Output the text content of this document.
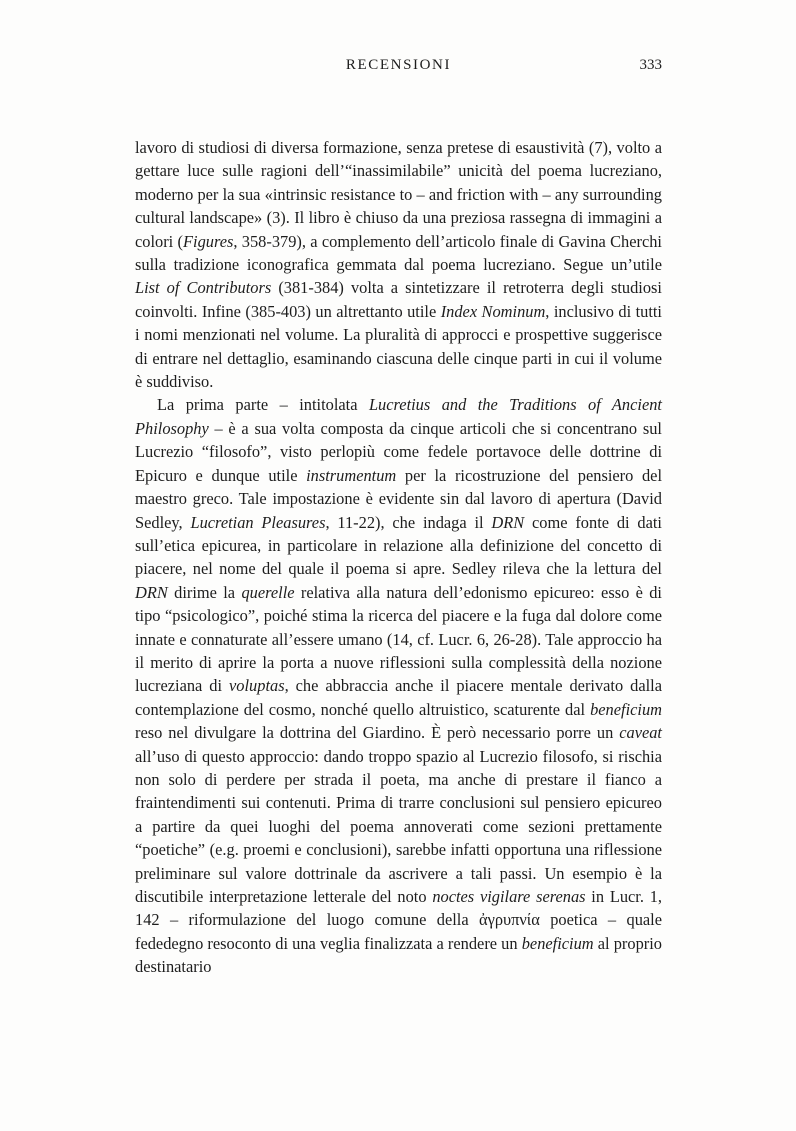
RECENSIONI	333

lavoro di studiosi di diversa formazione, senza pretese di esaustività (7), volto a gettare luce sulle ragioni dell’“inassimilabile” unicità del poema lucreziano, moderno per la sua «intrinsic resistance to – and friction with – any surrounding cultural landscape» (3). Il libro è chiuso da una preziosa rassegna di immagini a colori (Figures, 358-379), a complemento dell’articolo finale di Gavina Cherchi sulla tradizione iconografica gemmata dal poema lucreziano. Segue un’utile List of Contributors (381-384) volta a sintetizzare il retroterra degli studiosi coinvolti. Infine (385-403) un altrettanto utile Index Nominum, inclusivo di tutti i nomi menzionati nel volume. La pluralità di approcci e prospettive suggerisce di entrare nel dettaglio, esaminando ciascuna delle cinque parti in cui il volume è suddiviso.

La prima parte – intitolata Lucretius and the Traditions of Ancient Philosophy – è a sua volta composta da cinque articoli che si concentrano sul Lucrezio “filosofo”, visto perlopiù come fedele portavoce delle dottrine di Epicuro e dunque utile instrumentum per la ricostruzione del pensiero del maestro greco. Tale impostazione è evidente sin dal lavoro di apertura (David Sedley, Lucretian Pleasures, 11-22), che indaga il DRN come fonte di dati sull’etica epicurea, in particolare in relazione alla definizione del concetto di piacere, nel nome del quale il poema si apre. Sedley rileva che la lettura del DRN dirime la querelle relativa alla natura dell’edonismo epicureo: esso è di tipo “psicologico”, poiché stima la ricerca del piacere e la fuga dal dolore come innate e connaturate all’essere umano (14, cf. Lucr. 6, 26-28). Tale approccio ha il merito di aprire la porta a nuove riflessioni sulla complessità della nozione lucreziana di voluptas, che abbraccia anche il piacere mentale derivato dalla contemplazione del cosmo, nonché quello altruistico, scaturente dal beneficium reso nel divulgare la dottrina del Giardino. È però necessario porre un caveat all’uso di questo approccio: dando troppo spazio al Lucrezio filosofo, si rischia non solo di perdere per strada il poeta, ma anche di prestare il fianco a fraintendimenti sui contenuti. Prima di trarre conclusioni sul pensiero epicureo a partire da quei luoghi del poema annoverati come sezioni prettamente “poetiche” (e.g. proemi e conclusioni), sarebbe infatti opportuna una riflessione preliminare sul valore dottrinale da ascrivere a tali passi. Un esempio è la discutibile interpretazione letterale del noto noctes vigilare serenas in Lucr. 1, 142 – riformulazione del luogo comune della ἀγρυπνία poetica – quale fededegno resoconto di una veglia finalizzata a rendere un beneficium al proprio destinatario
